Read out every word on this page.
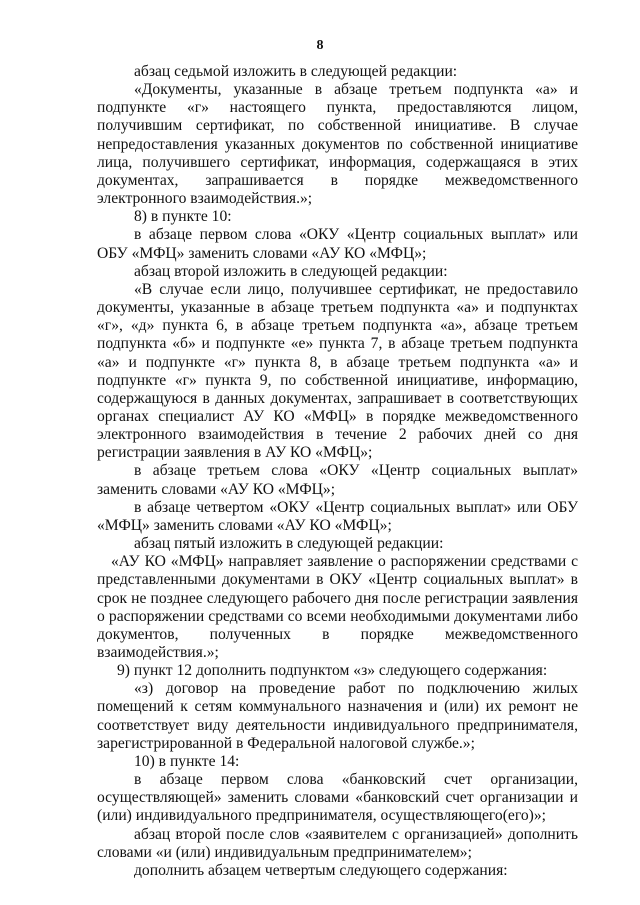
8

абзац седьмой изложить в следующей редакции:

«Документы, указанные в абзаце третьем подпункта «а» и подпункте «г» настоящего пункта, предоставляются лицом, получившим сертификат, по собственной инициативе. В случае непредоставления указанных документов по собственной инициативе лица, получившего сертификат, информация, содержащаяся в этих документах, запрашивается в порядке межведомственного электронного взаимодействия.»;

8) в пункте 10:

в абзаце первом слова «ОКУ «Центр социальных выплат» или ОБУ «МФЦ» заменить словами «АУ КО «МФЦ»;

абзац второй изложить в следующей редакции:

«В случае если лицо, получившее сертификат, не предоставило документы, указанные в абзаце третьем подпункта «а» и подпунктах «г», «д» пункта 6, в абзаце третьем подпункта «а», абзаце третьем подпункта «б» и подпункте «е» пункта 7, в абзаце третьем подпункта «а» и подпункте «г» пункта 8, в абзаце третьем подпункта «а» и подпункте «г» пункта 9, по собственной инициативе, информацию, содержащуюся в данных документах, запрашивает в соответствующих органах специалист АУ КО «МФЦ» в порядке межведомственного электронного взаимодействия в течение 2 рабочих дней со дня регистрации заявления в АУ КО «МФЦ»;

в абзаце третьем слова «ОКУ «Центр социальных выплат» заменить словами «АУ КО «МФЦ»;

в абзаце четвертом «ОКУ «Центр социальных выплат» или ОБУ «МФЦ» заменить словами «АУ КО «МФЦ»;

абзац пятый изложить в следующей редакции:

«АУ КО «МФЦ» направляет заявление о распоряжении средствами с представленными документами в ОКУ «Центр социальных выплат» в срок не позднее следующего рабочего дня после регистрации заявления о распоряжении средствами со всеми необходимыми документами либо документов, полученных в порядке межведомственного взаимодействия.»;

9) пункт 12 дополнить подпунктом «з» следующего содержания:

«з) договор на проведение работ по подключению жилых помещений к сетям коммунального назначения и (или) их ремонт не соответствует виду деятельности индивидуального предпринимателя, зарегистрированной в Федеральной налоговой службе.»;

10) в пункте 14:

в абзаце первом слова «банковский счет организации, осуществляющей» заменить словами «банковский счет организации и (или) индивидуального предпринимателя, осуществляющего(его)»;

абзац второй после слов «заявителем с организацией» дополнить словами «и (или) индивидуальным предпринимателем»;

дополнить абзацем четвертым следующего содержания:
